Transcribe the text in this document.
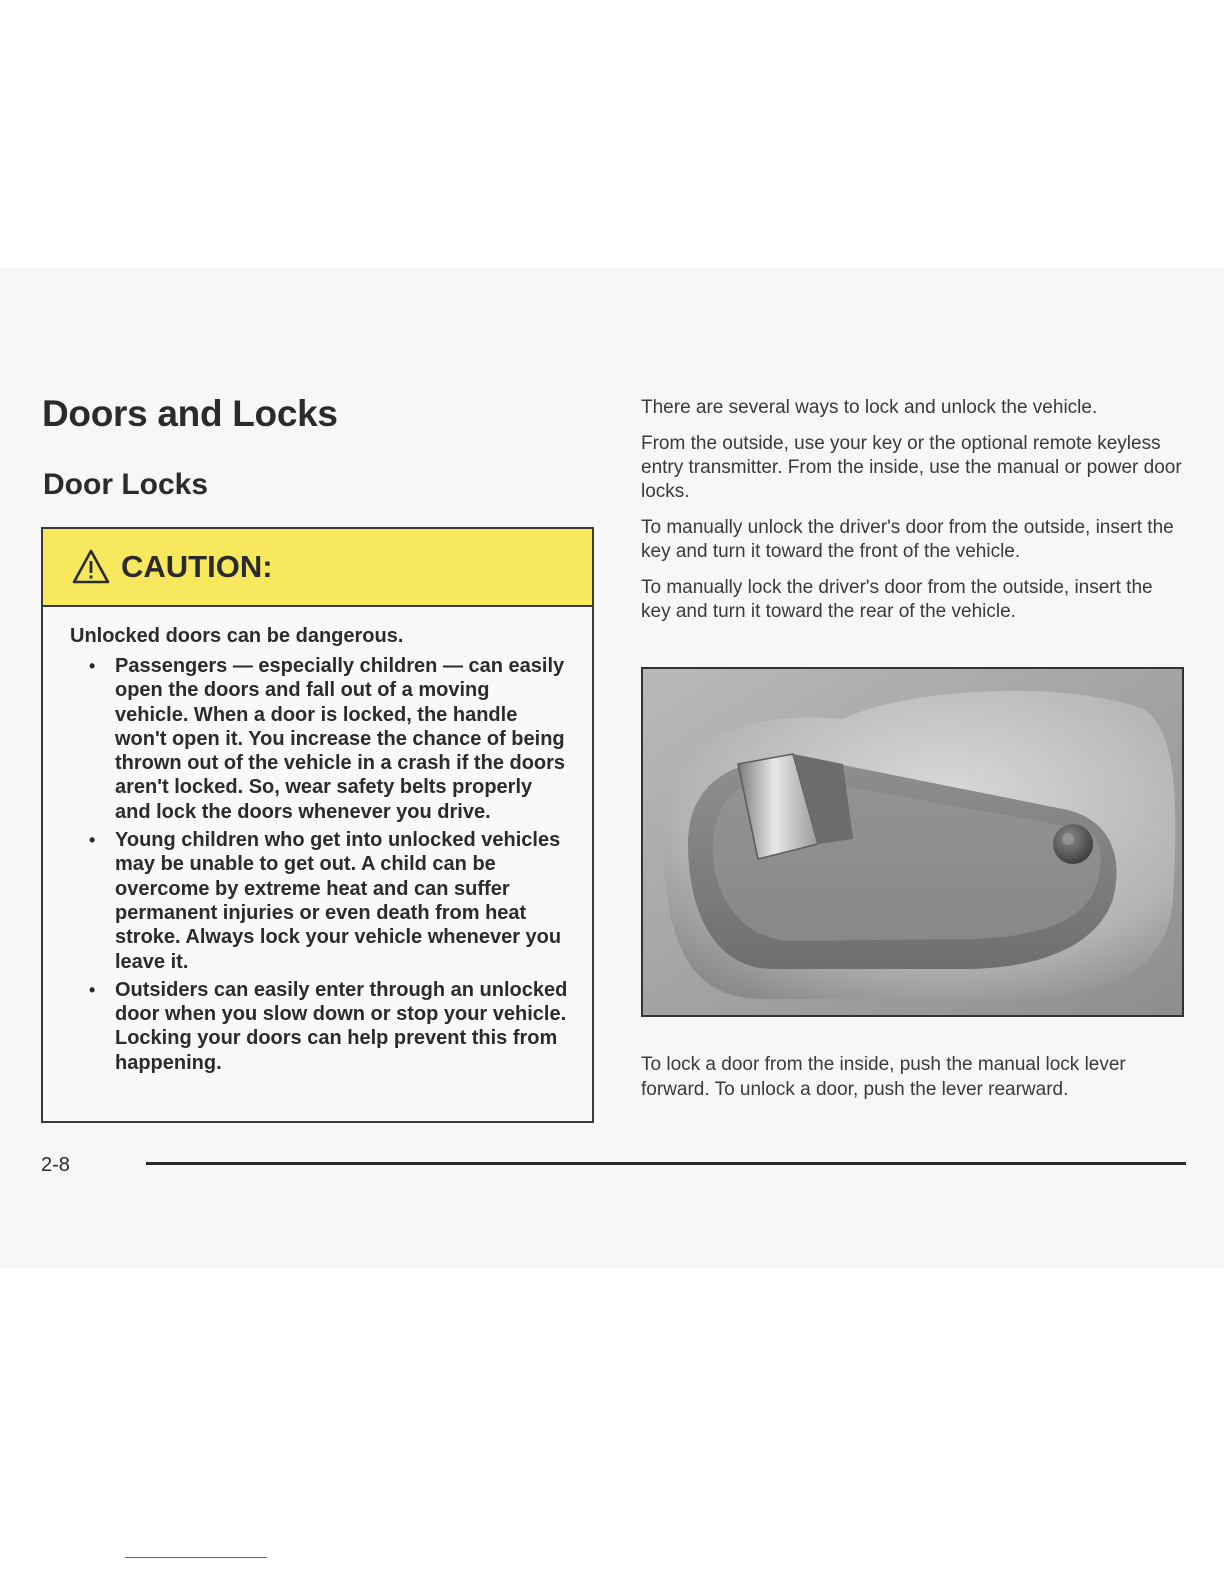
Doors and Locks
Door Locks
CAUTION:

Unlocked doors can be dangerous.

• Passengers — especially children — can easily open the doors and fall out of a moving vehicle. When a door is locked, the handle won't open it. You increase the chance of being thrown out of the vehicle in a crash if the doors aren't locked. So, wear safety belts properly and lock the doors whenever you drive.
• Young children who get into unlocked vehicles may be unable to get out. A child can be overcome by extreme heat and can suffer permanent injuries or even death from heat stroke. Always lock your vehicle whenever you leave it.
• Outsiders can easily enter through an unlocked door when you slow down or stop your vehicle. Locking your doors can help prevent this from happening.

There are several ways to lock and unlock the vehicle.

From the outside, use your key or the optional remote keyless entry transmitter. From the inside, use the manual or power door locks.

To manually unlock the driver's door from the outside, insert the key and turn it toward the front of the vehicle.

To manually lock the driver's door from the outside, insert the key and turn it toward the rear of the vehicle.

To lock a door from the inside, push the manual lock lever forward. To unlock a door, push the lever rearward.

2-8
